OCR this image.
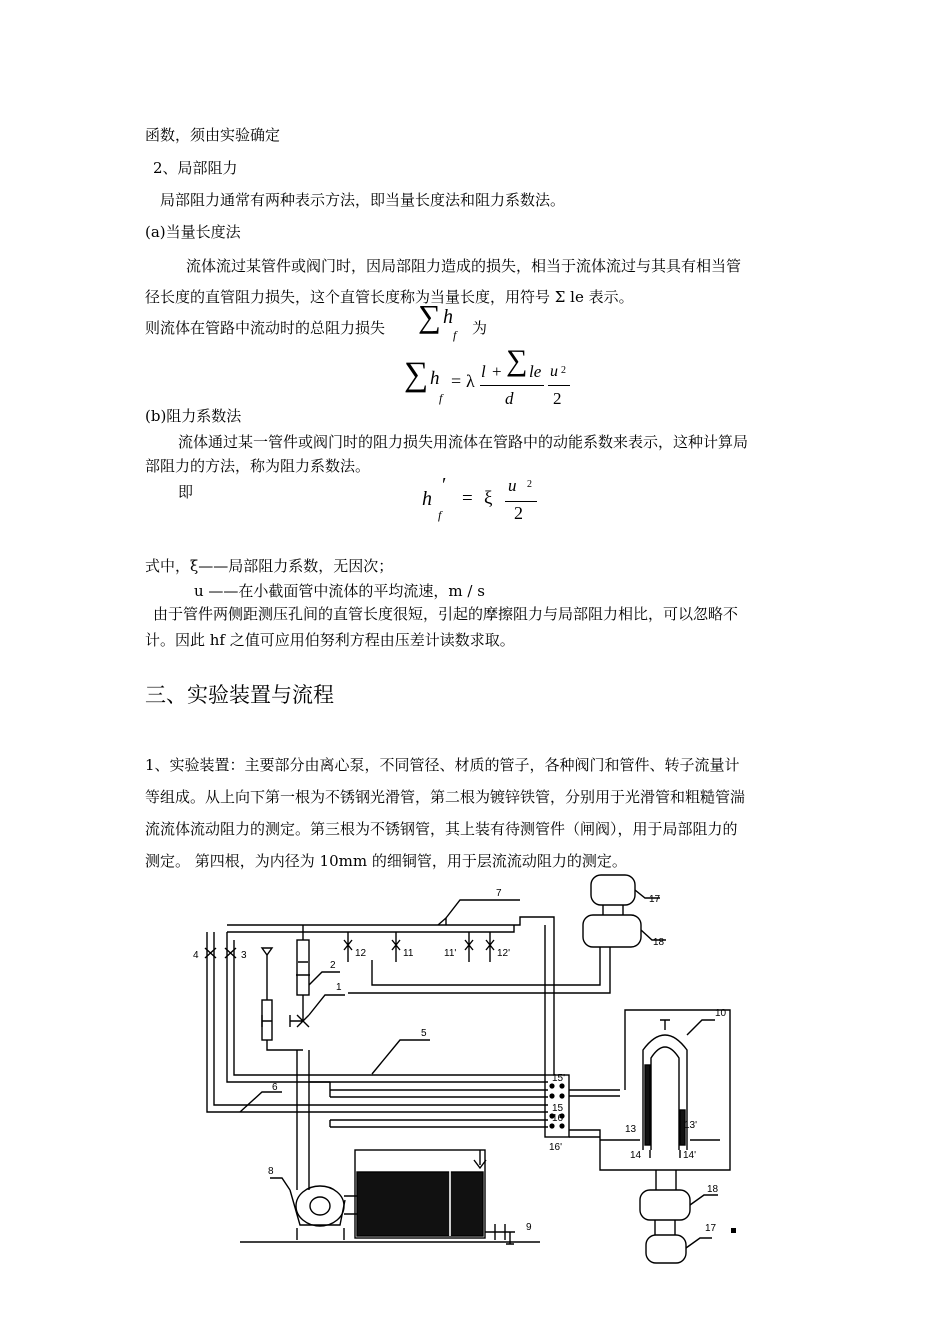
函数，须由实验确定
2、局部阻力
局部阻力通常有两种表示方法，即当量长度法和阻力系数法。
(a)当量长度法
流体流过某管件或阀门时，因局部阻力造成的损失，相当于流体流过与其具有相当管
径长度的直管阻力损失，这个直管长度称为当量长度，用符号 Σ le 表示。
则流体在管路中流动时的总阻力损失 ∑ h
f 为
∑ h
f
= λ l + ∑ le
d
u 2
2
(b)阻力系数法
流体通过某一管件或阀门时的阻力损失用流体在管路中的动能系数来表示，这种计算局
部阻力的方法，称为阻力系数法。
即	h
′
f
= ξ
u 2
2
式中，ξ——局部阻力系数，无因次；
u ——在小截面管中流体的平均流速，m / s
由于管件两侧距测压孔间的直管长度很短，引起的摩擦阻力与局部阻力相比，可以忽略不
计。因此 hf 之值可应用伯努利方程由压差计读数求取。
三、实验装置与流程
1、实验装置：主要部分由离心泵，不同管径、材质的管子，各种阀门和管件、转子流量计
等组成。从上向下第一根为不锈钢光滑管，第二根为镀锌铁管，分别用于光滑管和粗糙管湍
流流体流动阻力的测定。第三根为不锈钢管，其上装有待测管件（闸阀），用于局部阻力的
测定。 第四根，为内径为 10mm 的细铜管，用于层流流动阻力的测定。
1
2
3
4
5
6
7
8
9
10
11
12	11'	12'
13	13'
14	14'
15
15'
16
16'
17
18
17
18
